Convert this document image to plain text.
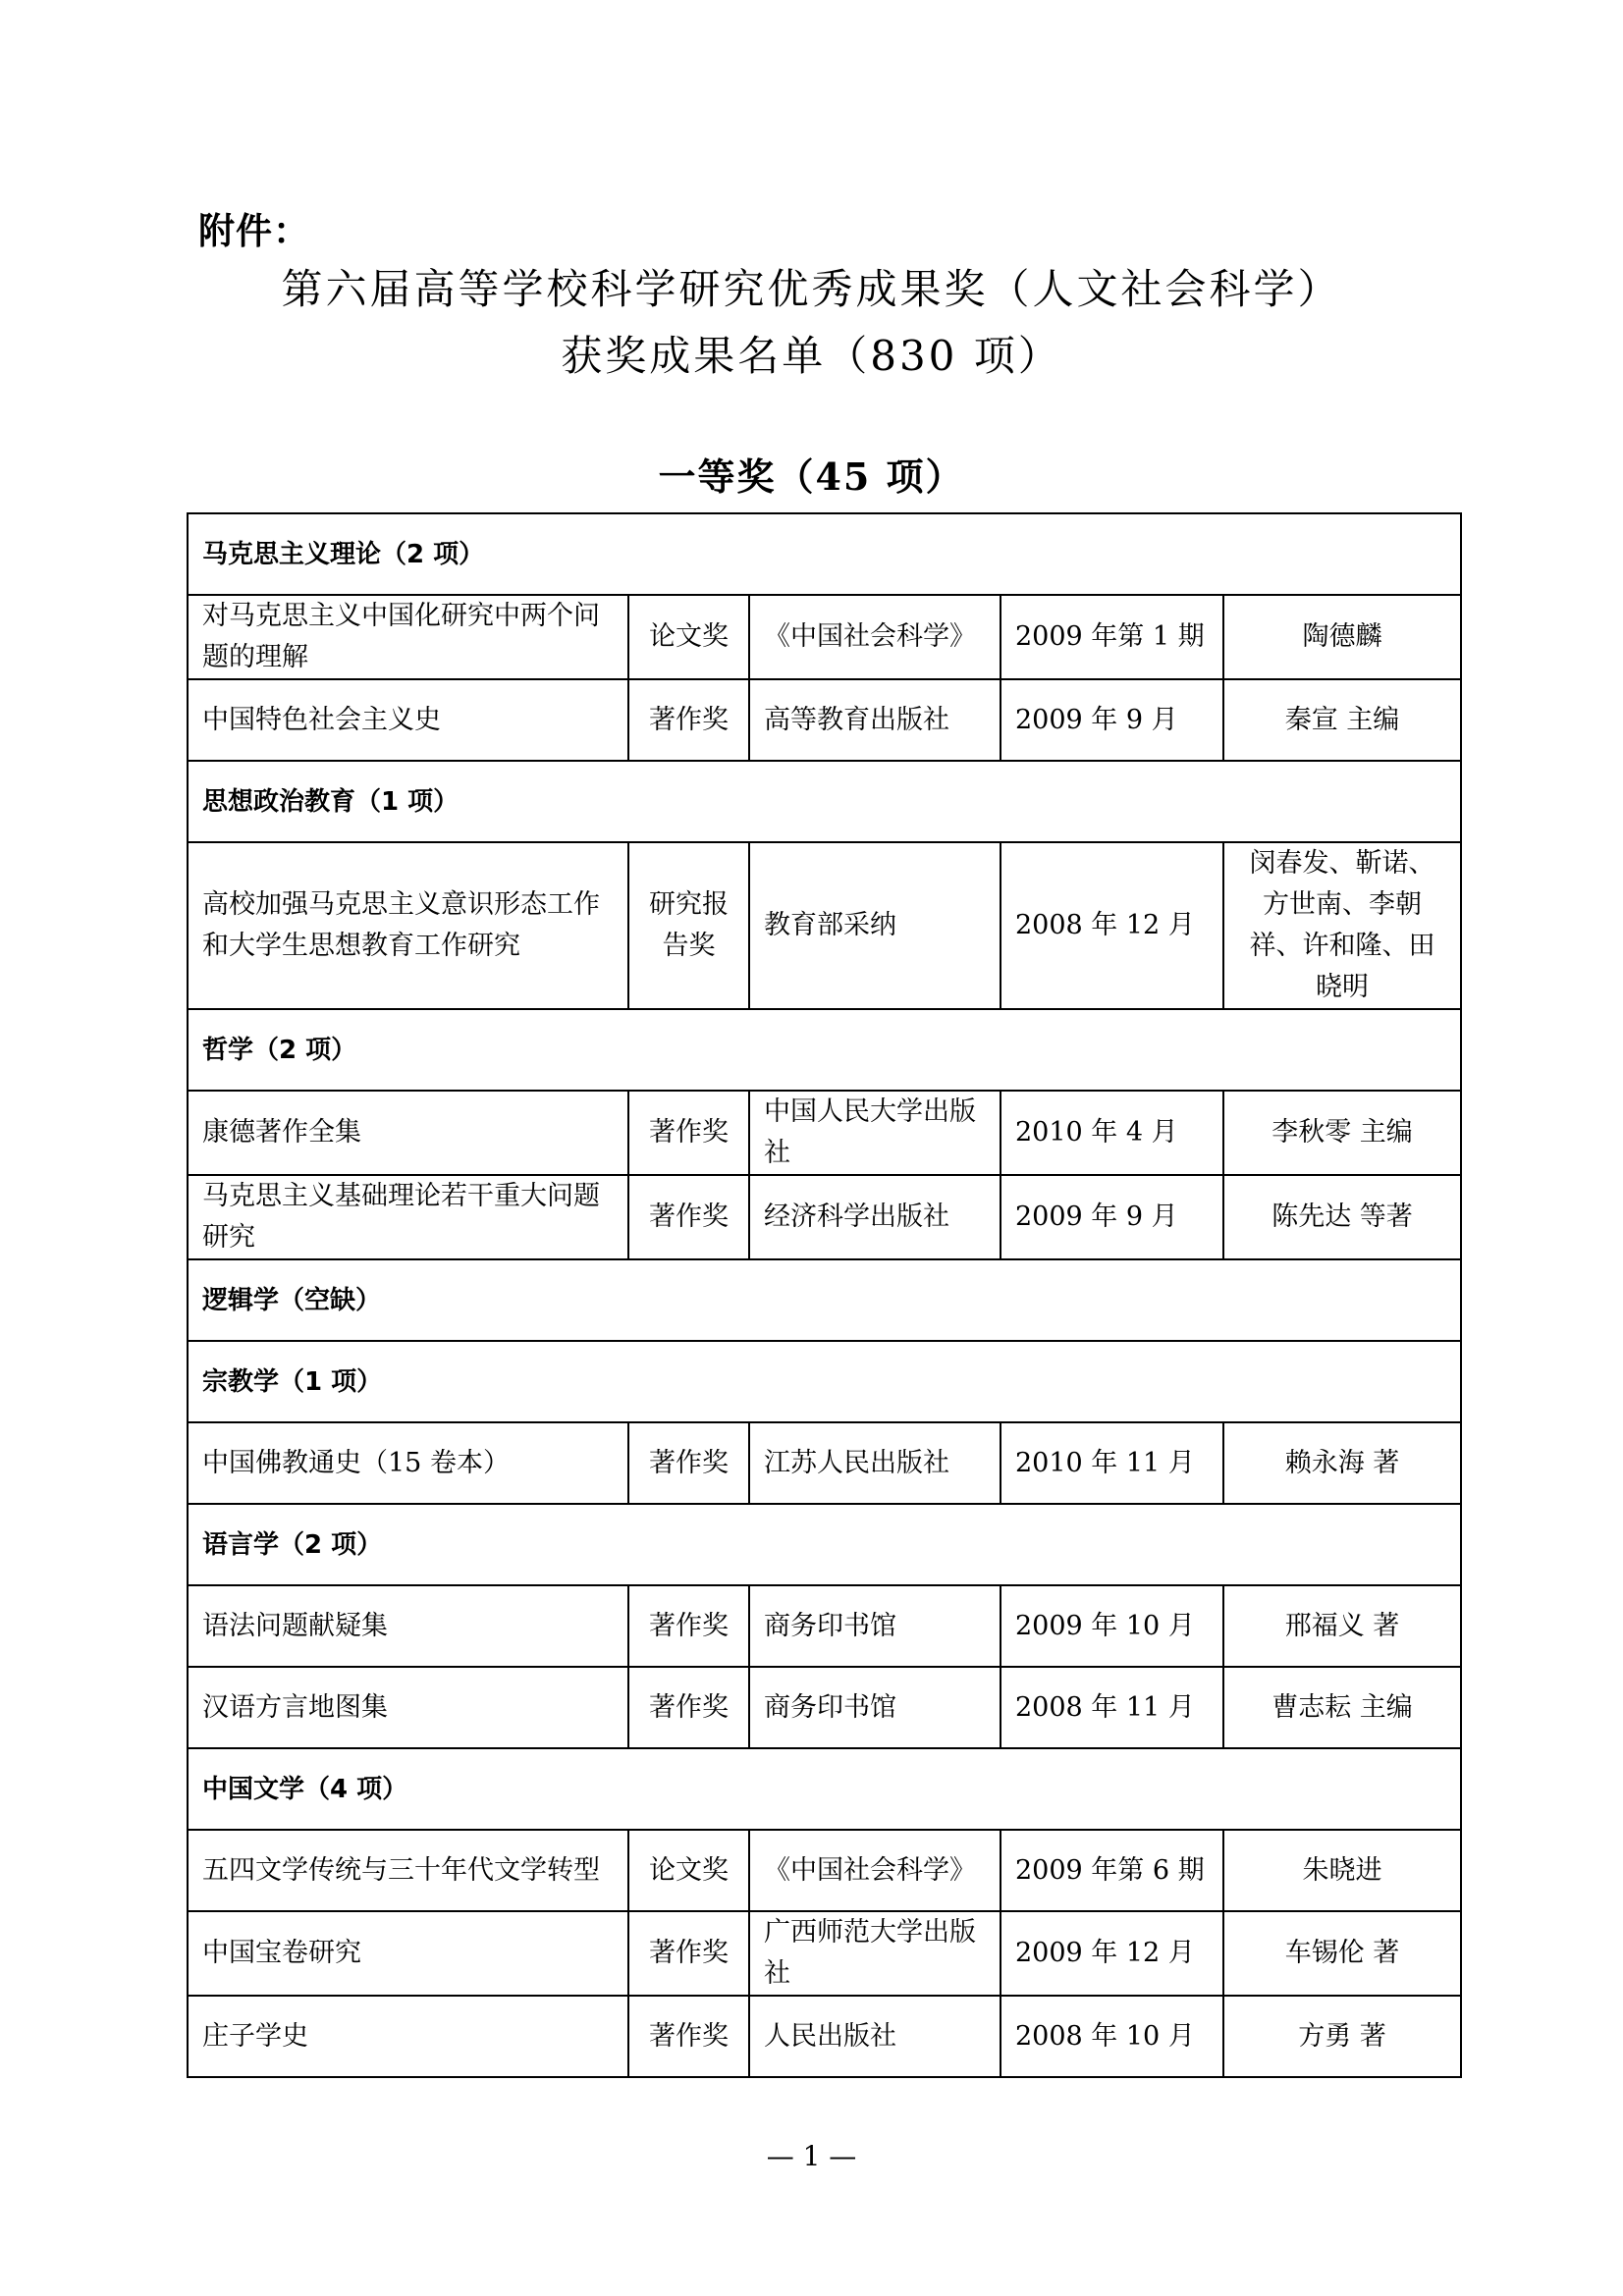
附件：
第六届高等学校科学研究优秀成果奖（人文社会科学）
获奖成果名单（830 项）
一等奖（45 项）
马克思主义理论（2 项）				
对马克思主义中国化研究中两个问题的理解	论文奖	《中国社会科学》	2009 年第 1 期	陶德麟
中国特色社会主义史	著作奖	高等教育出版社	2009 年 9 月	秦宣 主编
思想政治教育（1 项）				
高校加强马克思主义意识形态工作和大学生思想教育工作研究	研究报告奖	教育部采纳	2008 年 12 月	闵春发、靳诺、方世南、李朝祥、许和隆、田晓明
哲学（2 项）				
康德著作全集	著作奖	中国人民大学出版社	2010 年 4 月	李秋零 主编
马克思主义基础理论若干重大问题研究	著作奖	经济科学出版社	2009 年 9 月	陈先达 等著
逻辑学（空缺）				
宗教学（1 项）				
中国佛教通史（15 卷本）	著作奖	江苏人民出版社	2010 年 11 月	赖永海 著
语言学（2 项）				
语法问题献疑集	著作奖	商务印书馆	2009 年 10 月	邢福义 著
汉语方言地图集	著作奖	商务印书馆	2008 年 11 月	曹志耘 主编
中国文学（4 项）				
五四文学传统与三十年代文学转型	论文奖	《中国社会科学》	2009 年第 6 期	朱晓进
中国宝卷研究	著作奖	广西师范大学出版社	2009 年 12 月	车锡伦 著
庄子学史	著作奖	人民出版社	2008 年 10 月	方勇 著
— 1 —
